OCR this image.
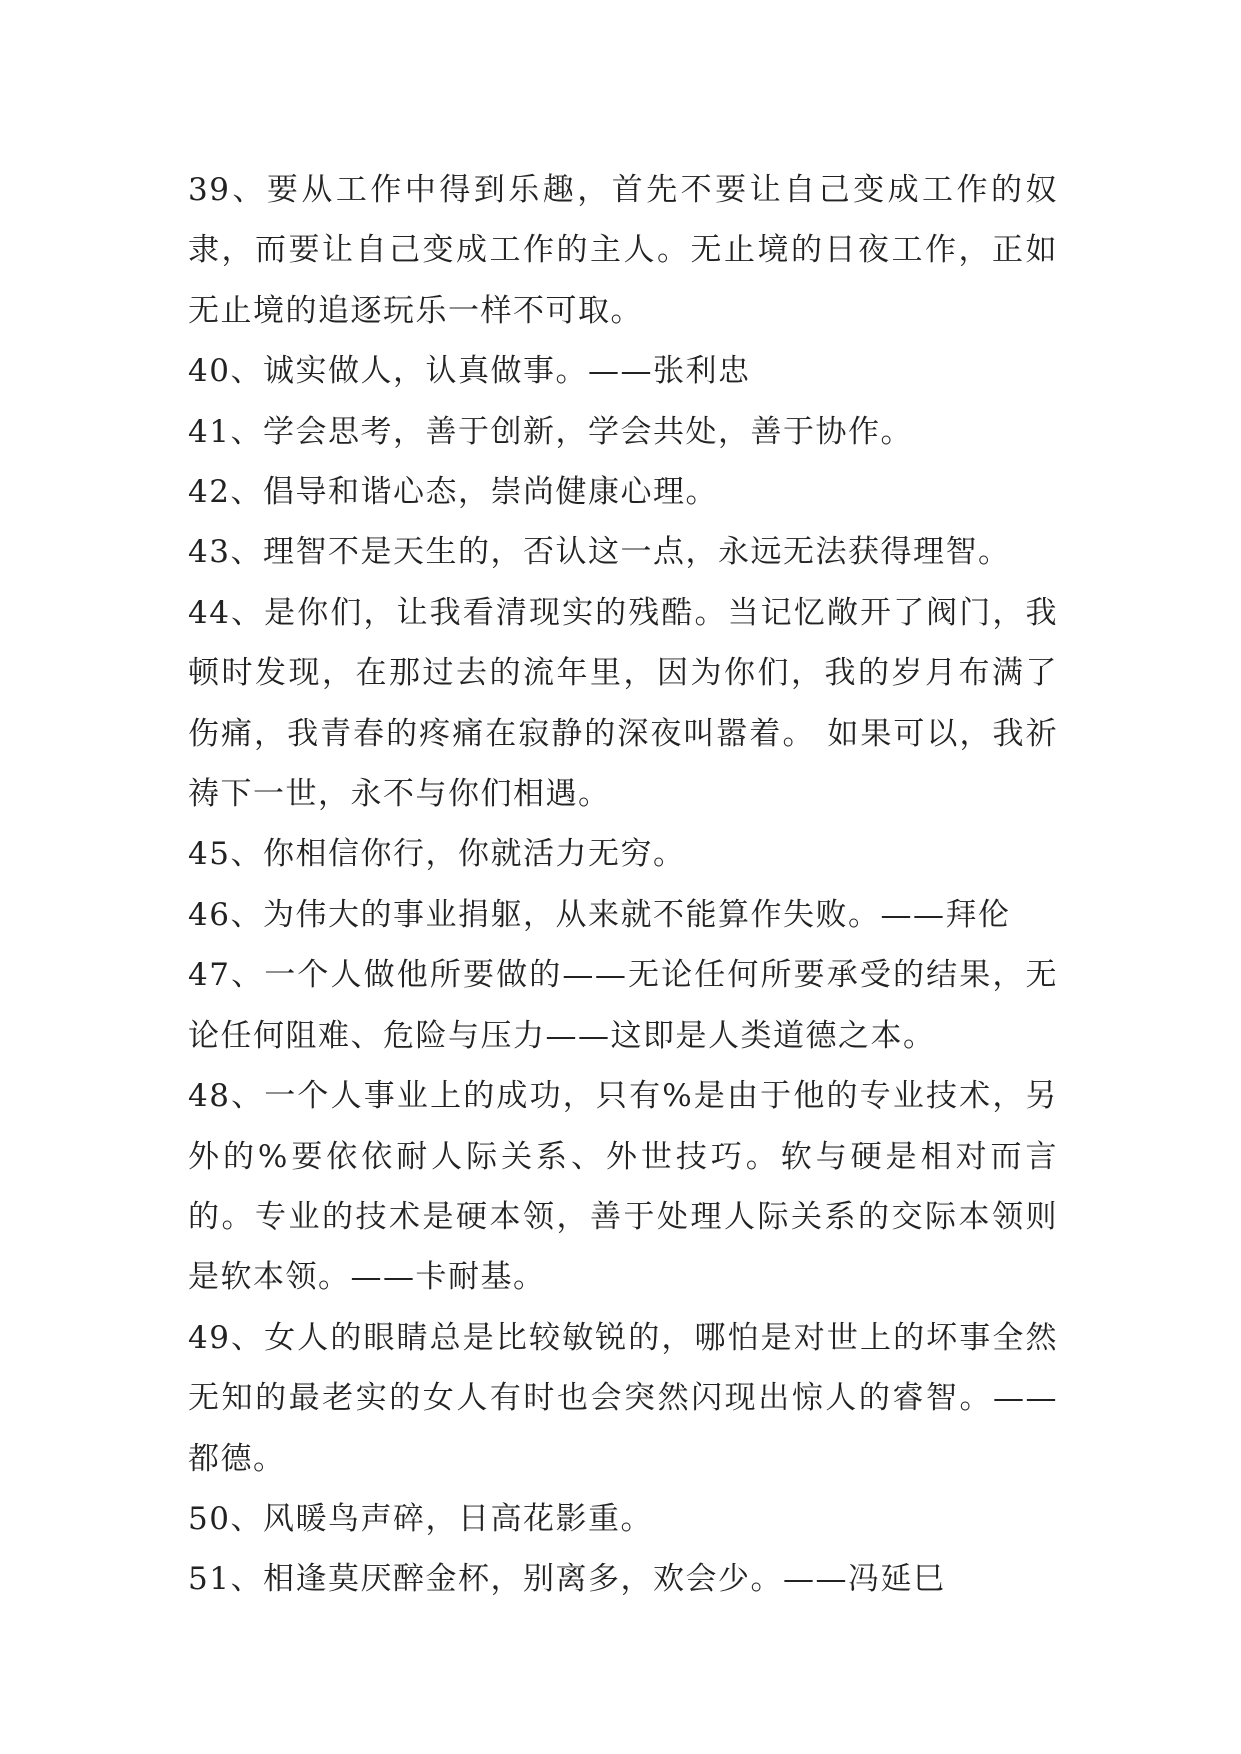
39、要从工作中得到乐趣，首先不要让自己变成工作的奴隶，而要让自己变成工作的主人。无止境的日夜工作，正如无止境的追逐玩乐一样不可取。

40、诚实做人，认真做事。——张利忠

41、学会思考，善于创新，学会共处，善于协作。

42、倡导和谐心态，崇尚健康心理。

43、理智不是天生的，否认这一点，永远无法获得理智。

44、是你们，让我看清现实的残酷。当记忆敞开了阀门，我顿时发现，在那过去的流年里，因为你们，我的岁月布满了伤痛，我青春的疼痛在寂静的深夜叫嚣着。 如果可以，我祈祷下一世，永不与你们相遇。

45、你相信你行，你就活力无穷。

46、为伟大的事业捐躯，从来就不能算作失败。——拜伦

47、一个人做他所要做的——无论任何所要承受的结果，无论任何阻难、危险与压力——这即是人类道德之本。

48、一个人事业上的成功，只有%是由于他的专业技术，另外的%要依依耐人际关系、外世技巧。软与硬是相对而言的。专业的技术是硬本领，善于处理人际关系的交际本领则是软本领。——卡耐基。

49、女人的眼睛总是比较敏锐的，哪怕是对世上的坏事全然无知的最老实的女人有时也会突然闪现出惊人的睿智。——都德。

50、风暖鸟声碎，日高花影重。

51、相逢莫厌醉金杯，别离多，欢会少。——冯延巳
